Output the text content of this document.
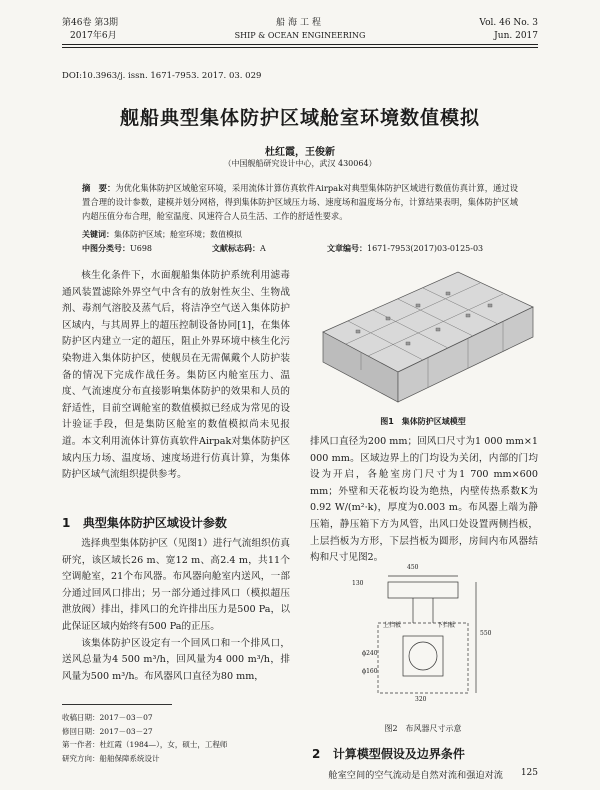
第46卷 第3期
2017年6月
船海工程
SHIP & OCEAN ENGINEERING
Vol. 46 No. 3
Jun. 2017
DOI:10.3963/j. issn. 1671-7953. 2017. 03. 029
舰船典型集体防护区域舱室环境数值模拟
杜红霞，王俊新
（中国舰船研究设计中心，武汉 430064）
摘　要：为优化集体防护区域舱室环境，采用流体计算仿真软件Airpak对典型集体防护区域进行数值仿真计算，通过设置合理的设计参数，建模并划分网格，得到集体防护区域压力场、速度场和温度场分布，计算结果表明，集体防护区域内超压值分布合理，舱室温度、风速符合人员生活、工作的舒适性要求。
关键词：集体防护区域；舱室环境；数值模拟
中图分类号：U698	文献标志码：A	文章编号：1671-7953(2017)03-0125-03

核生化条件下，水面舰船集体防护系统利用滤毒通风装置滤除外界空气中含有的放射性灰尘、生物战剂、毒剂气溶胶及蒸气后，将洁净空气送入集体防护区域内，与其周界上的超压控制设备协同[1]，在集体防护区内建立一定的超压，阻止外界环境中核生化污染物进入集体防护区，使舰员在无需佩戴个人防护装备的情况下完成作战任务。集防区内舱室压力、温度、气流速度分布直接影响集体防护的效果和人员的舒适性，目前空调舱室的数值模拟已经成为常见的设计验证手段，但是集防区舱室的数值模拟尚未见报道。本文利用流体计算仿真软件Airpak对集体防护区域内压力场、温度场、速度场进行仿真计算，为集体防护区域气流组织提供参考。

1 典型集体防护区域设计参数

选择典型集体防护区（见图1）进行气流组织仿真研究，该区域长26 m、宽12 m、高2.4 m，共11个空调舱室，21个布风器。布风器向舱室内送风，一部分通过回风口排出；另一部分通过排风口（模拟超压泄放阀）排出，排风口的允许排出压力是500 Pa，以此保证区域内始终有500 Pa的正压。

该集体防护区设定有一个回风口和一个排风口，送风总量为4 500 m³/h，回风量为4 000 m³/h，排风量为500 m³/h。布风器风口直径为80 mm，

收稿日期：2017－03－07
修回日期：2017－03－27
第一作者：杜红霞（1984—），女，硕士，工程师
研究方向：船舶保障系统设计
图1　集体防护区域模型

排风口直径为200 mm；回风口尺寸为1 000 mm×1 000 mm。区域边界上的门均设为关闭，内部的门均设为开启，各舱室房门尺寸为1 700 mm×600 mm；外壁和天花板均设为绝热，内壁传热系数K为0.92 W/(m²·k)，厚度为0.003 m。布风器上端为静压箱，静压箱下方为风管，出风口处设置两侧挡板，上层挡板为方形，下层挡板为圆形，房间内布风器结构和尺寸见图2。

450
130
550
上挡板	下挡板
ϕ240
ϕ160
320
图2　布风器尺寸示意
2 计算模型假设及边界条件

舱室空间的空气流动是自然对流和强迫对流	125
